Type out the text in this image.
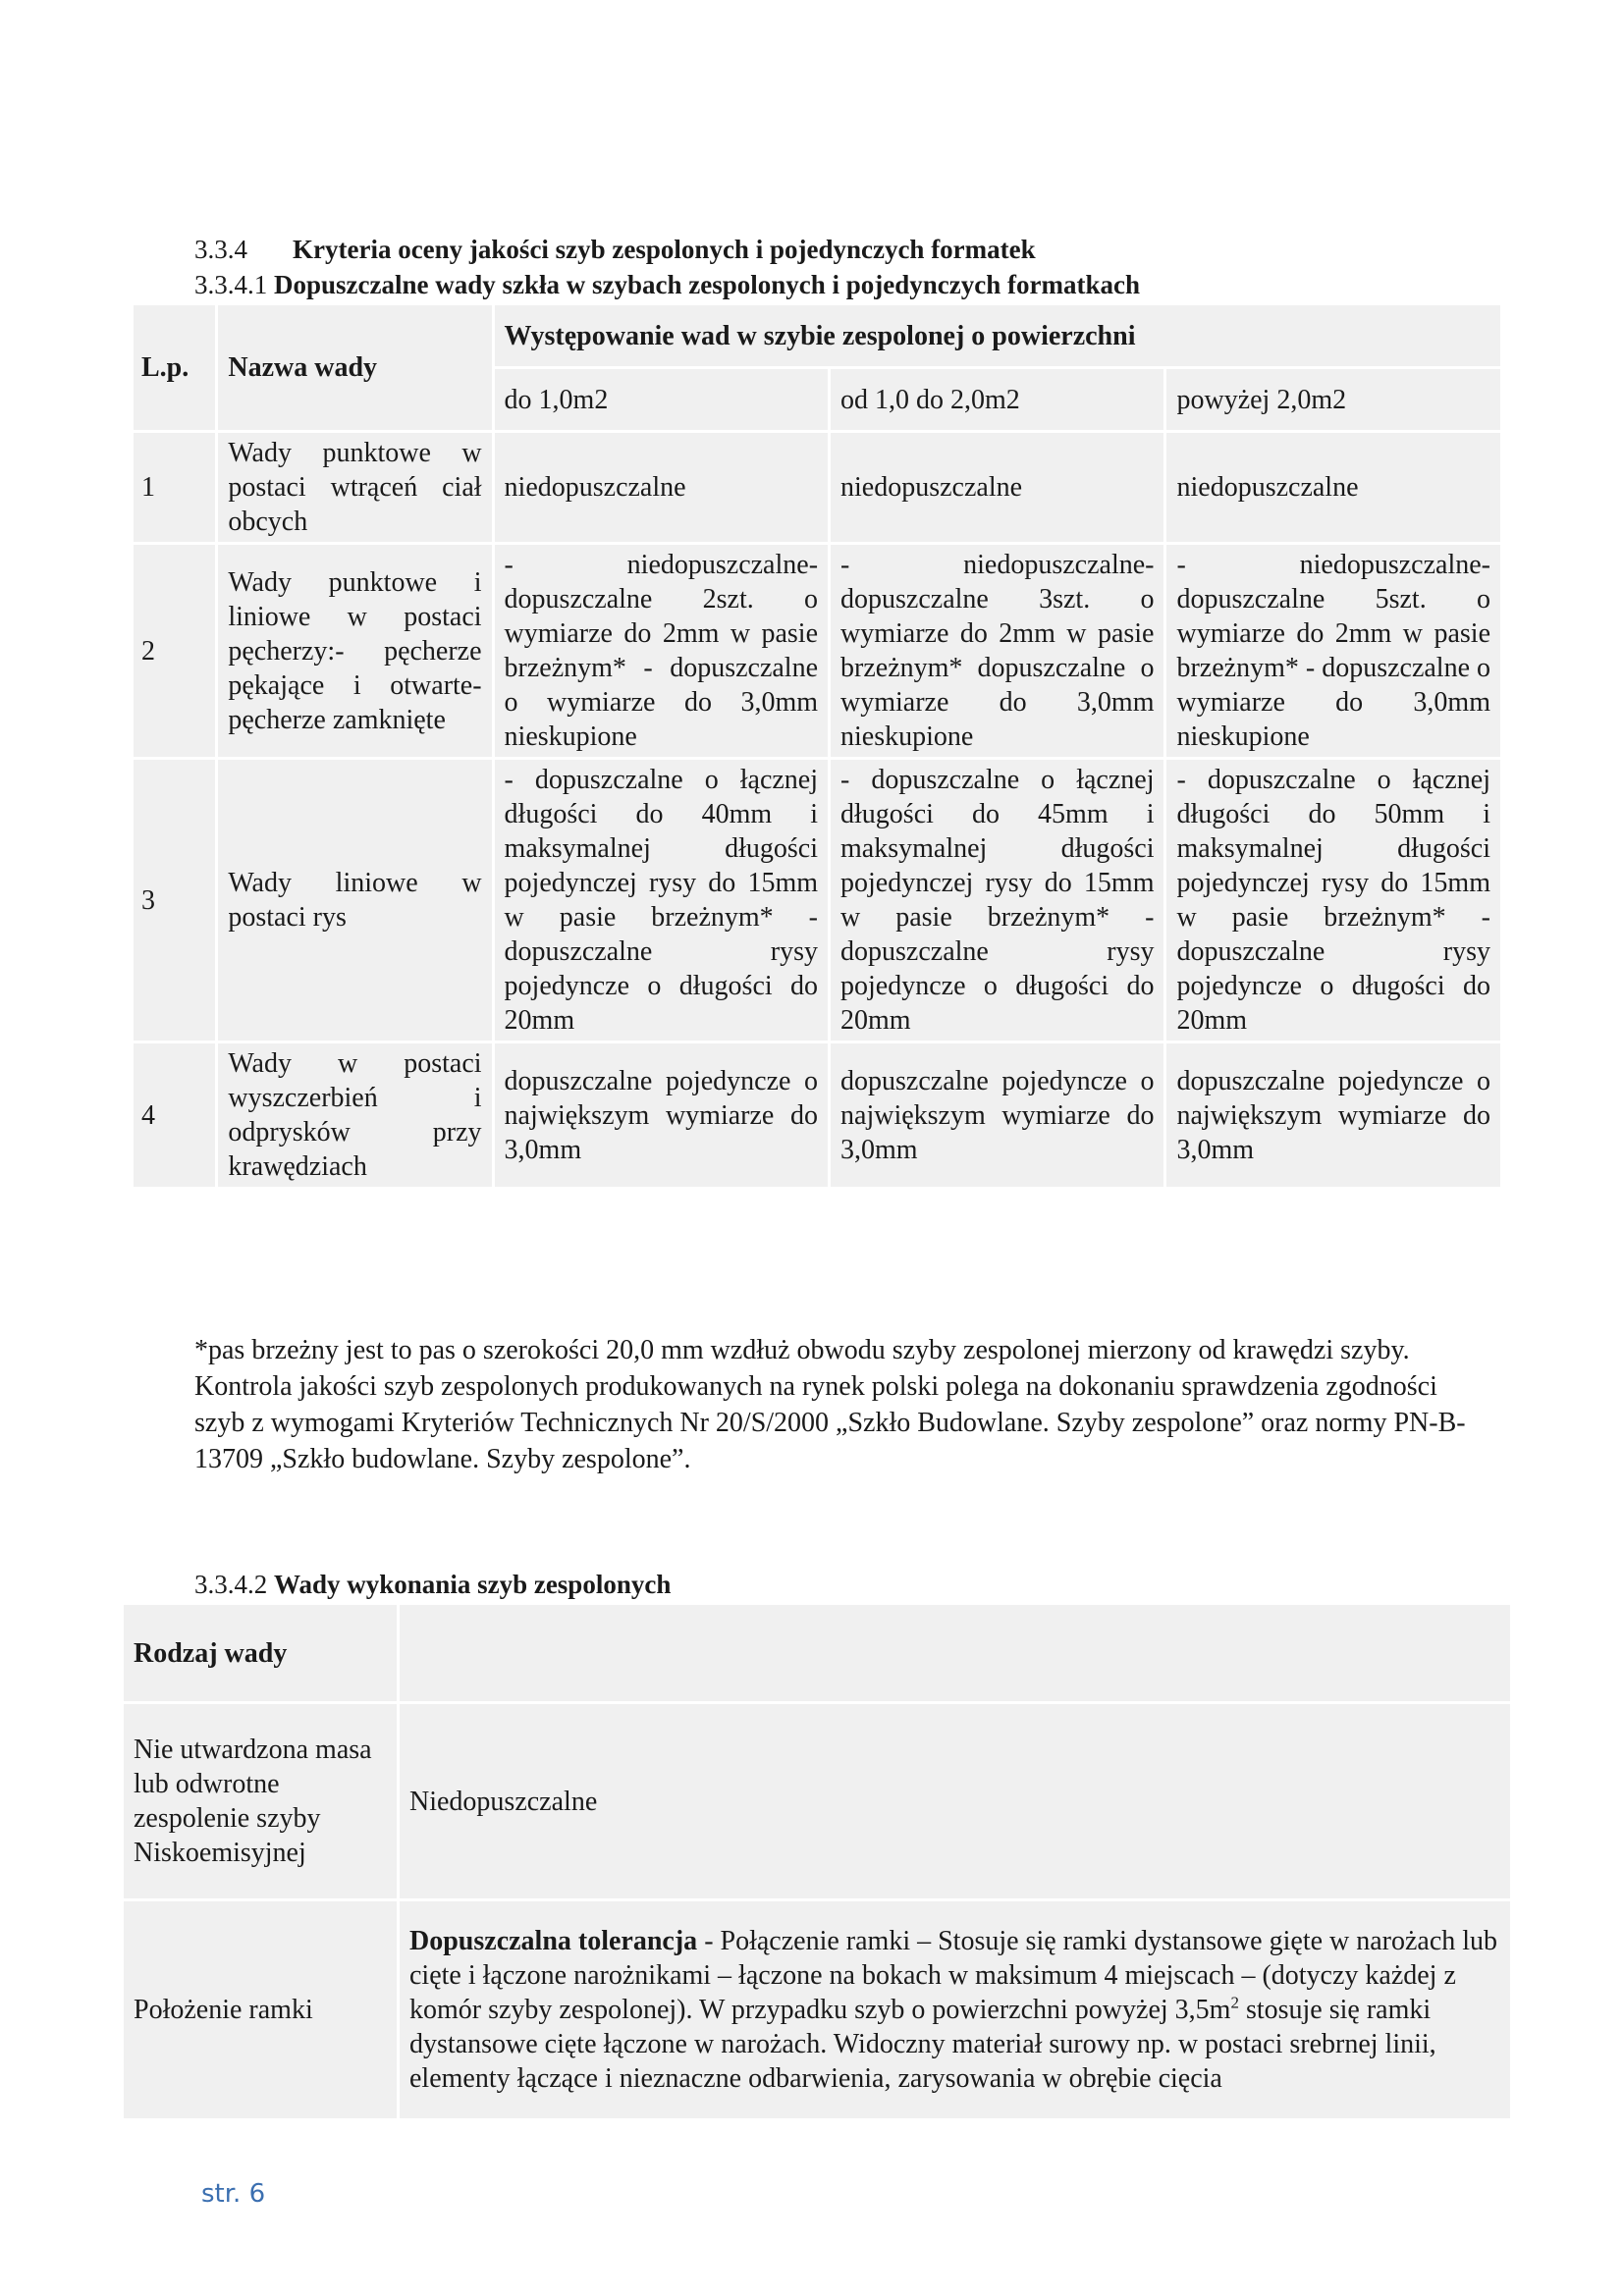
3.3.4 Kryteria oceny jakości szyb zespolonych i pojedynczych formatek
3.3.4.1 Dopuszczalne wady szkła w szybach zespolonych i pojedynczych formatkach
L.p.	Nazwa wady	Występowanie wad w szybie zespolonej o powierzchni		
		do 1,0m2	od 1,0 do 2,0m2	powyżej 2,0m2
1	Wady punktowe w postaci wtrąceń ciał obcych	niedopuszczalne	niedopuszczalne	niedopuszczalne
2	Wady punktowe i liniowe w postaci pęcherzy:- pęcherze pękające i otwarte- pęcherze zamknięte	- niedopuszczalne- dopuszczalne 2szt. o wymiarze do 2mm w pasie brzeżnym* - dopuszczalne o wymiarze do 3,0mm nieskupione	- niedopuszczalne- dopuszczalne 3szt. o wymiarze do 2mm w pasie brzeżnym* dopuszczalne o wymiarze do 3,0mm nieskupione	- niedopuszczalne- dopuszczalne 5szt. o wymiarze do 2mm w pasie brzeżnym* - dopuszczalne o wymiarze do 3,0mm nieskupione
3	Wady liniowe w postaci rys	- dopuszczalne o łącznej długości do 40mm i maksymalnej długości pojedynczej rysy do 15mm w pasie brzeżnym* - dopuszczalne rysy pojedyncze o długości do 20mm	- dopuszczalne o łącznej długości do 45mm i maksymalnej długości pojedynczej rysy do 15mm w pasie brzeżnym* - dopuszczalne rysy pojedyncze o długości do 20mm	- dopuszczalne o łącznej długości do 50mm i maksymalnej długości pojedynczej rysy do 15mm w pasie brzeżnym* - dopuszczalne rysy pojedyncze o długości do 20mm
4	Wady w postaci wyszczerbień i odprysków przy krawędziach	dopuszczalne pojedyncze o największym wymiarze do 3,0mm	dopuszczalne pojedyncze o największym wymiarze do 3,0mm	dopuszczalne pojedyncze o największym wymiarze do 3,0mm
*pas brzeżny jest to pas o szerokości 20,0 mm wzdłuż obwodu szyby zespolonej mierzony od krawędzi szyby.
Kontrola jakości szyb zespolonych produkowanych na rynek polski polega na dokonaniu sprawdzenia zgodności szyb z wymogami Kryteriów Technicznych Nr 20/S/2000 „Szkło Budowlane. Szyby zespolone” oraz normy PN-B-13709 „Szkło budowlane. Szyby zespolone”.
3.3.4.2 Wady wykonania szyb zespolonych
Rodzaj wady	
Nie utwardzona masa lub odwrotne zespolenie szyby Niskoemisyjnej	Niedopuszczalne
Położenie ramki	Dopuszczalna tolerancja - Połączenie ramki – Stosuje się ramki dystansowe gięte w narożach lub cięte i łączone narożnikami – łączone na bokach w maksimum 4 miejscach – (dotyczy każdej z komór szyby zespolonej). W przypadku szyb o powierzchni powyżej $3,5m^2$ stosuje się ramki dystansowe cięte łączone w narożach. Widoczny materiał surowy np. w postaci srebrnej linii, elementy łączące i nieznaczne odbarwienia, zarysowania w obrębie cięcia
str. 6
